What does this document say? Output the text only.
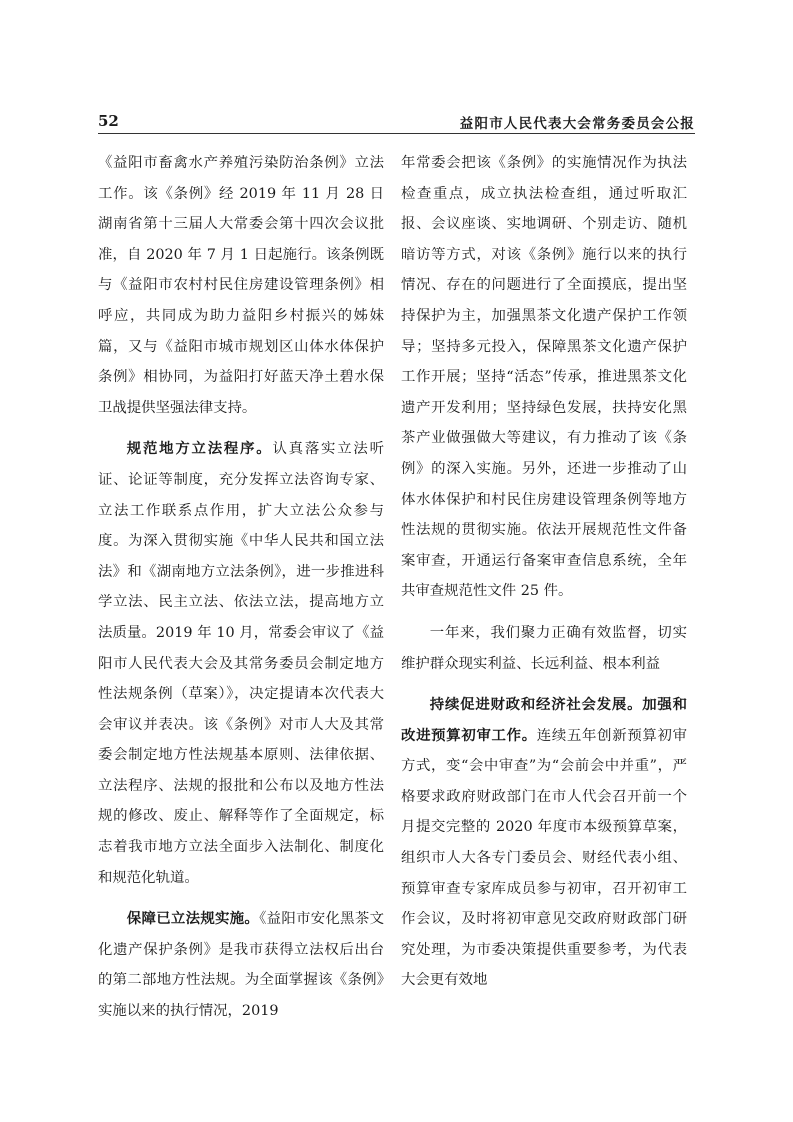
52	益阳市人民代表大会常务委员会公报

《益阳市畜禽水产养殖污染防治条例》立法工作。该《条例》经 2019 年 11 月 28 日湖南省第十三届人大常委会第十四次会议批准，自 2020 年 7 月 1 日起施行。该条例既与《益阳市农村村民住房建设管理条例》相呼应，共同成为助力益阳乡村振兴的姊妹篇，又与《益阳市城市规划区山体水体保护条例》相协同，为益阳打好蓝天净土碧水保卫战提供坚强法律支持。

规范地方立法程序。认真落实立法听证、论证等制度，充分发挥立法咨询专家、立法工作联系点作用，扩大立法公众参与度。为深入贯彻实施《中华人民共和国立法法》和《湖南地方立法条例》，进一步推进科学立法、民主立法、依法立法，提高地方立法质量。2019 年 10 月，常委会审议了《益阳市人民代表大会及其常务委员会制定地方性法规条例（草案）》，决定提请本次代表大会审议并表决。该《条例》对市人大及其常委会制定地方性法规基本原则、法律依据、立法程序、法规的报批和公布以及地方性法规的修改、废止、解释等作了全面规定，标志着我市地方立法全面步入法制化、制度化和规范化轨道。

保障已立法规实施。《益阳市安化黑茶文化遗产保护条例》是我市获得立法权后出台的第二部地方性法规。为全面掌握该《条例》实施以来的执行情况，2019

年常委会把该《条例》的实施情况作为执法检查重点，成立执法检查组，通过听取汇报、会议座谈、实地调研、个别走访、随机暗访等方式，对该《条例》施行以来的执行情况、存在的问题进行了全面摸底，提出坚持保护为主，加强黑茶文化遗产保护工作领导；坚持多元投入，保障黑茶文化遗产保护工作开展；坚持“活态”传承，推进黑茶文化遗产开发利用；坚持绿色发展，扶持安化黑茶产业做强做大等建议，有力推动了该《条例》的深入实施。另外，还进一步推动了山体水体保护和村民住房建设管理条例等地方性法规的贯彻实施。依法开展规范性文件备案审查，开通运行备案审查信息系统，全年共审查规范性文件 25 件。

一年来，我们聚力正确有效监督，切实维护群众现实利益、长远利益、根本利益

持续促进财政和经济社会发展。加强和改进预算初审工作。连续五年创新预算初审方式，变“会中审查”为“会前会中并重”，严格要求政府财政部门在市人代会召开前一个月提交完整的 2020 年度市本级预算草案，组织市人大各专门委员会、财经代表小组、预算审查专家库成员参与初审，召开初审工作会议，及时将初审意见交政府财政部门研究处理，为市委决策提供重要参考，为代表大会更有效地
